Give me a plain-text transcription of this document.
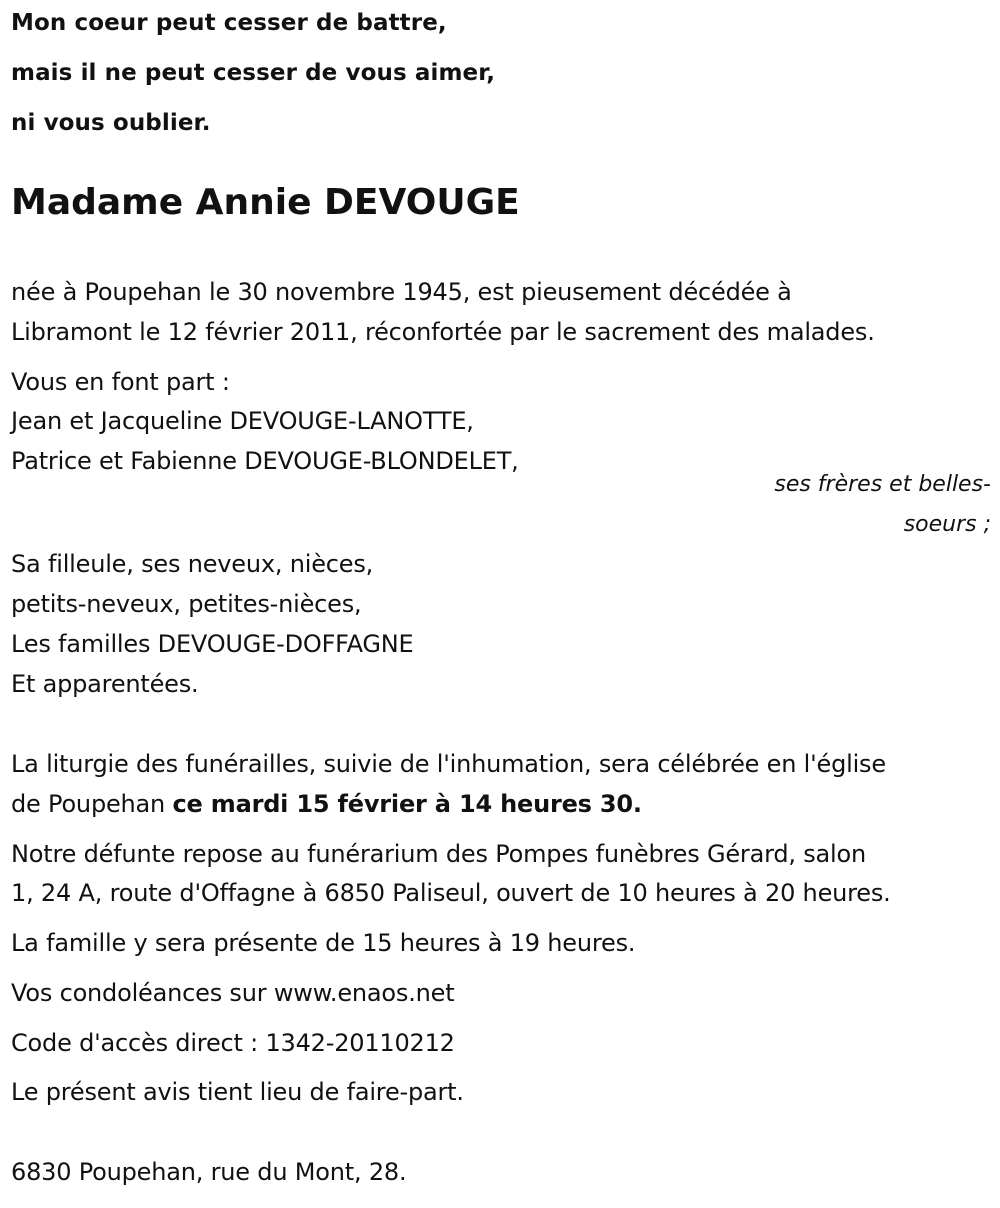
Mon coeur peut cesser de battre,
mais il ne peut cesser de vous aimer,
ni vous oublier.
Madame Annie DEVOUGE
née à Poupehan le 30 novembre 1945, est pieusement décédée à
Libramont le 12 février 2011, réconfortée par le sacrement des malades.
Vous en font part :
Jean et Jacqueline DEVOUGE-LANOTTE,
Patrice et Fabienne DEVOUGE-BLONDELET,
ses frères et belles-
soeurs ;
Sa filleule, ses neveux, nièces,
petits-neveux, petites-nièces,
Les familles DEVOUGE-DOFFAGNE
Et apparentées.
La liturgie des funérailles, suivie de l'inhumation, sera célébrée en l'église
de Poupehan ce mardi 15 février à 14 heures 30.
Notre défunte repose au funérarium des Pompes funèbres Gérard, salon
1, 24 A, route d'Offagne à 6850 Paliseul, ouvert de 10 heures à 20 heures.
La famille y sera présente de 15 heures à 19 heures.
Vos condoléances sur www.enaos.net
Code d'accès direct : 1342-20110212
Le présent avis tient lieu de faire-part.
6830 Poupehan, rue du Mont, 28.
